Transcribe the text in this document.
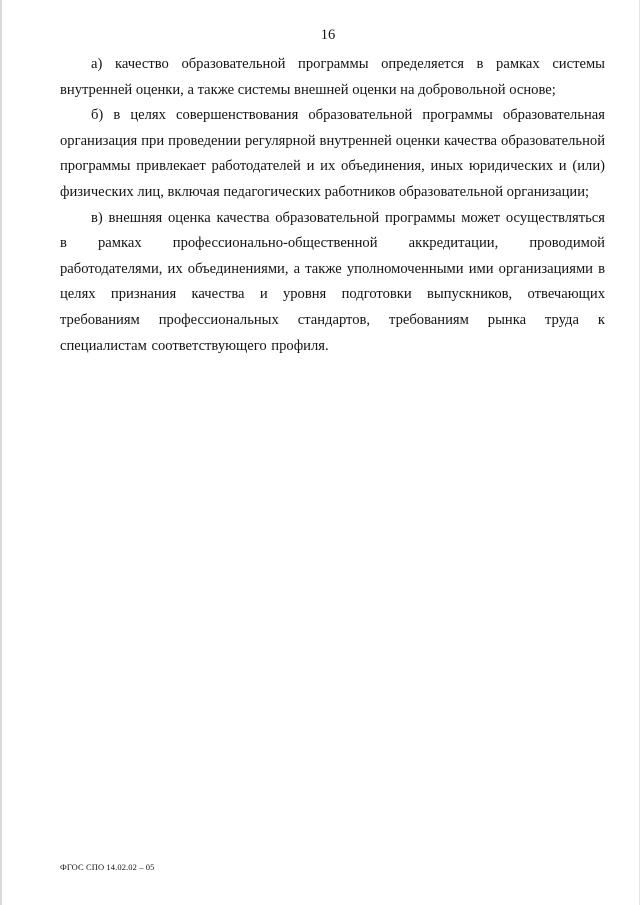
16

а) качество образовательной программы определяется в рамках системы внутренней оценки, а также системы внешней оценки на добровольной основе;

б) в целях совершенствования образовательной программы образовательная организация при проведении регулярной внутренней оценки качества образовательной программы привлекает работодателей и их объединения, иных юридических и (или) физических лиц, включая педагогических работников образовательной организации;

в) внешняя оценка качества образовательной программы может осуществляться в рамках профессионально-общественной аккредитации, проводимой работодателями, их объединениями, а также уполномоченными ими организациями в целях признания качества и уровня подготовки выпускников, отвечающих требованиям профессиональных стандартов, требованиям рынка труда к специалистам соответствующего профиля.

ФГОС СПО 14.02.02 – 05
